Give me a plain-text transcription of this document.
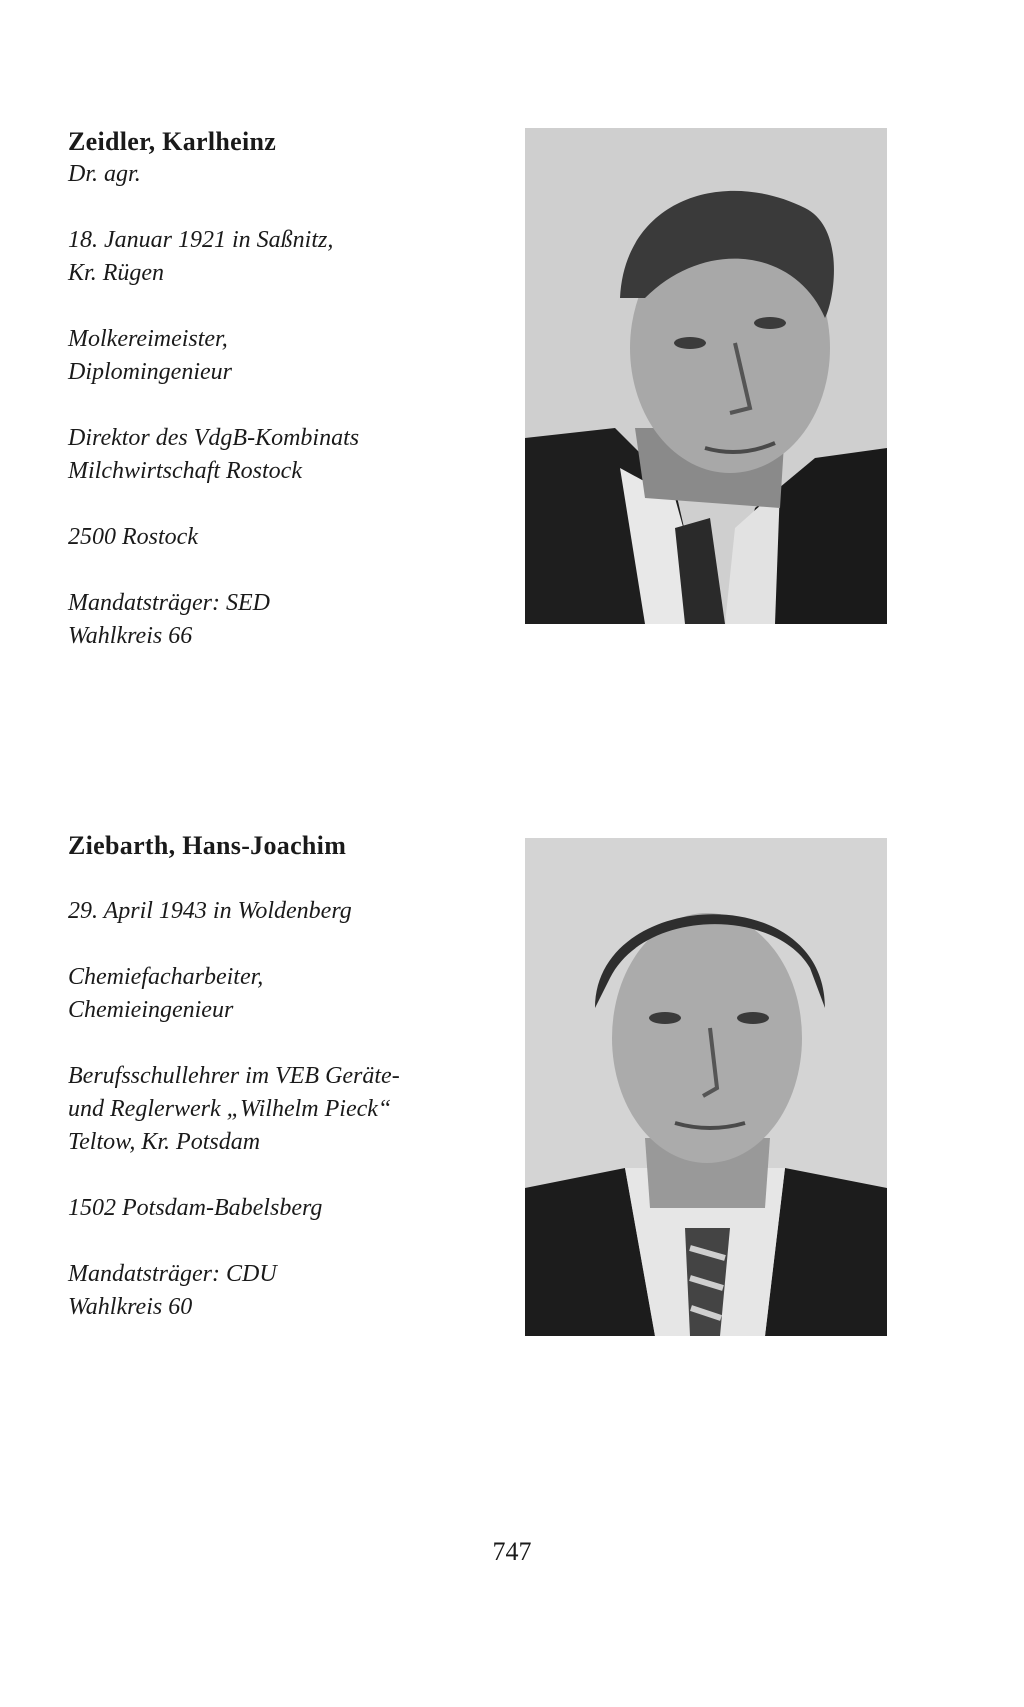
Zeidler, Karlheinz

Dr. agr.

18. Januar 1921 in Saßnitz,

Kr. Rügen

Molkereimeister,

Diplomingenieur

Direktor des VdgB-Kombinats

Milchwirtschaft Rostock

2500 Rostock

Mandatsträger: SED

Wahlkreis 66

Ziebarth, Hans-Joachim

29. April 1943 in Woldenberg

Chemiefacharbeiter,

Chemieingenieur

Berufsschullehrer im VEB Geräte-

und Reglerwerk „Wilhelm Pieck“

Teltow, Kr. Potsdam

1502 Potsdam-Babelsberg

Mandatsträger: CDU

Wahlkreis 60

747
